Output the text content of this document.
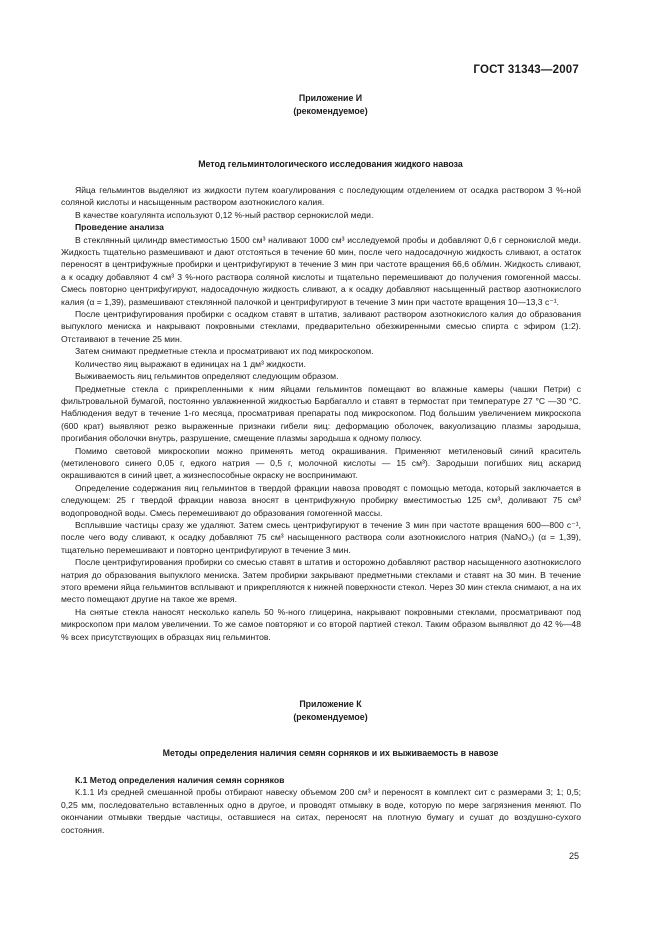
ГОСТ 31343—2007
Приложение И
(рекомендуемое)
Метод гельминтологического исследования жидкого навоза

Яйца гельминтов выделяют из жидкости путем коагулирования с последующим отделением от осадка раствором 3 %-ной соляной кислоты и насыщенным раствором азотнокислого калия.

В качестве коагулянта используют 0,12 %-ный раствор сернокислой меди.

Проведение анализа

В стеклянный цилиндр вместимостью 1500 см³ наливают 1000 см³ исследуемой пробы и добавляют 0,6 г сернокислой меди. Жидкость тщательно размешивают и дают отстояться в течение 60 мин, после чего надосадочную жидкость сливают, а остаток переносят в центрифужные пробирки и центрифугируют в течение 3 мин при частоте вращения 66,6 об/мин. Жидкость сливают, а к осадку добавляют 4 см³ 3 %-ного раствора соляной кислоты и тщательно перемешивают до получения гомогенной массы. Смесь повторно центрифугируют, надосадочную жидкость сливают, а к осадку добавляют насыщенный раствор азотнокислого калия (α = 1,39), размешивают стеклянной палочкой и центрифугируют в течение 3 мин при частоте вращения 10—13,3 с⁻¹.

После центрифугирования пробирки с осадком ставят в штатив, заливают раствором азотнокислого калия до образования выпуклого мениска и накрывают покровными стеклами, предварительно обезжиренными смесью спирта с эфиром (1:2). Отстаивают в течение 25 мин.

Затем снимают предметные стекла и просматривают их под микроскопом.

Количество яиц выражают в единицах на 1 дм³ жидкости.

Выживаемость яиц гельминтов определяют следующим образом.

Предметные стекла с прикрепленными к ним яйцами гельминтов помещают во влажные камеры (чашки Петри) с фильтровальной бумагой, постоянно увлажненной жидкостью Барбагалло и ставят в термостат при температуре 27 °С —30 °С. Наблюдения ведут в течение 1-го месяца, просматривая препараты под микроскопом. Под большим увеличением микроскопа (600 крат) выявляют резко выраженные признаки гибели яиц: деформацию оболочек, вакуолизацию плазмы зародыша, прогибания оболочки внутрь, разрушение, смещение плазмы зародыша к одному полюсу.

Помимо световой микроскопии можно применять метод окрашивания. Применяют метиленовый синий краситель (метиленового синего 0,05 г, едкого натрия — 0,5 г, молочной кислоты — 15 см³). Зародыши погибших яиц аскарид окрашиваются в синий цвет, а жизнеспособные окраску не воспринимают.

Определение содержания яиц гельминтов в твердой фракции навоза проводят с помощью метода, который заключается в следующем: 25 г твердой фракции навоза вносят в центрифужную пробирку вместимостью 125 см³, доливают 75 см³ водопроводной воды. Смесь перемешивают до образования гомогенной массы.

Всплывшие частицы сразу же удаляют. Затем смесь центрифугируют в течение 3 мин при частоте вращения 600—800 с⁻¹, после чего воду сливают, к осадку добавляют 75 см³ насыщенного раствора соли азотнокислого натрия (NaNO₃) (α = 1,39), тщательно перемешивают и повторно центрифугируют в течение 3 мин.

После центрифугирования пробирки со смесью ставят в штатив и осторожно добавляют раствор насыщенного азотнокислого натрия до образования выпуклого мениска. Затем пробирки закрывают предметными стеклами и ставят на 30 мин. В течение этого времени яйца гельминтов всплывают и прикрепляются к нижней поверхности стекол. Через 30 мин стекла снимают, а на их место помещают другие на такое же время.

На снятые стекла наносят несколько капель 50 %-ного глицерина, накрывают покровными стеклами, просматривают под микроскопом при малом увеличении. То же самое повторяют и со второй партией стекол. Таким образом выявляют до 42 %—48 % всех присутствующих в образцах яиц гельминтов.

Приложение К
(рекомендуемое)
Методы определения наличия семян сорняков и их выживаемость в навозе

К.1 Метод определения наличия семян сорняков

К.1.1 Из средней смешанной пробы отбирают навеску объемом 200 см³ и переносят в комплект сит с размерами 3; 1; 0,5; 0,25 мм, последовательно вставленных одно в другое, и проводят отмывку в воде, которую по мере загрязнения меняют. По окончании отмывки твердые частицы, оставшиеся на ситах, переносят на плотную бумагу и сушат до воздушно-сухого состояния.

25
